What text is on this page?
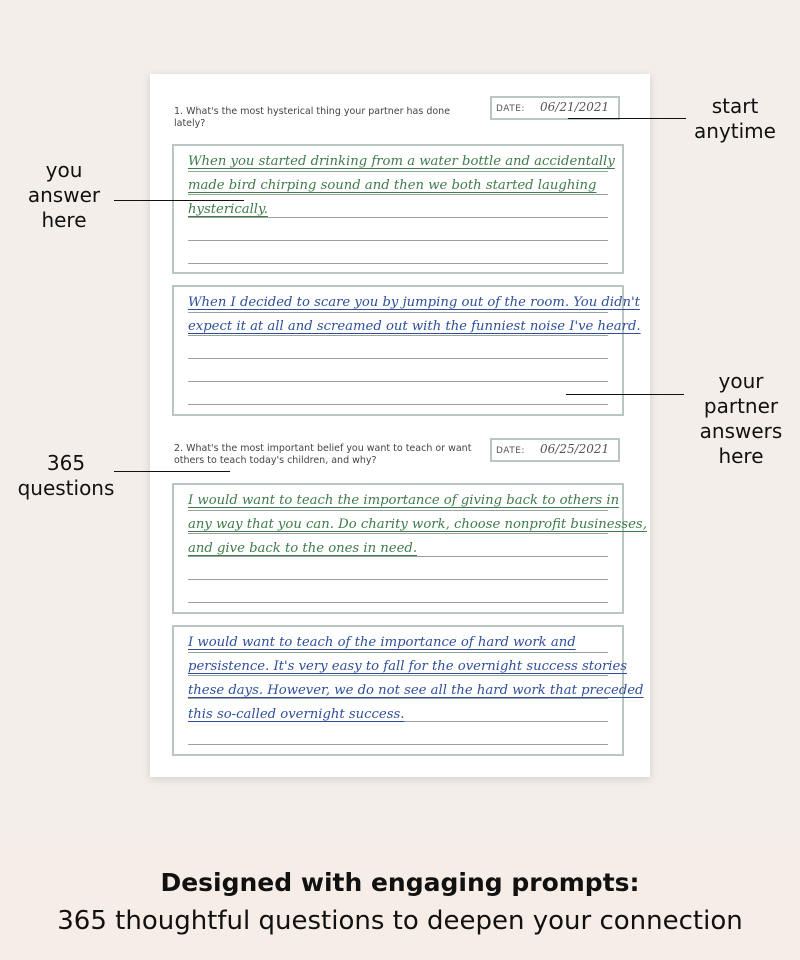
1. What's the most hysterical thing your partner has done lately?
DATE: 06/21/2021
When you started drinking from a water bottle and accidentally
made bird chirping sound and then we both started laughing
hysterically.
When I decided to scare you by jumping out of the room. You didn't
expect it at all and screamed out with the funniest noise I've heard.
2. What's the most important belief you want to teach or want others to teach today's children, and why?
DATE: 06/25/2021
I would want to teach the importance of giving back to others in
any way that you can. Do charity work, choose nonprofit businesses,
and give back to the ones in need.
I would want to teach of the importance of hard work and
persistence. It's very easy to fall for the overnight success stories
these days. However, we do not see all the hard work that preceded
this so-called overnight success.
start
anytime
you
answer
here
your
partner
answers
here
365
questions
Designed with engaging prompts:
365 thoughtful questions to deepen your connection
